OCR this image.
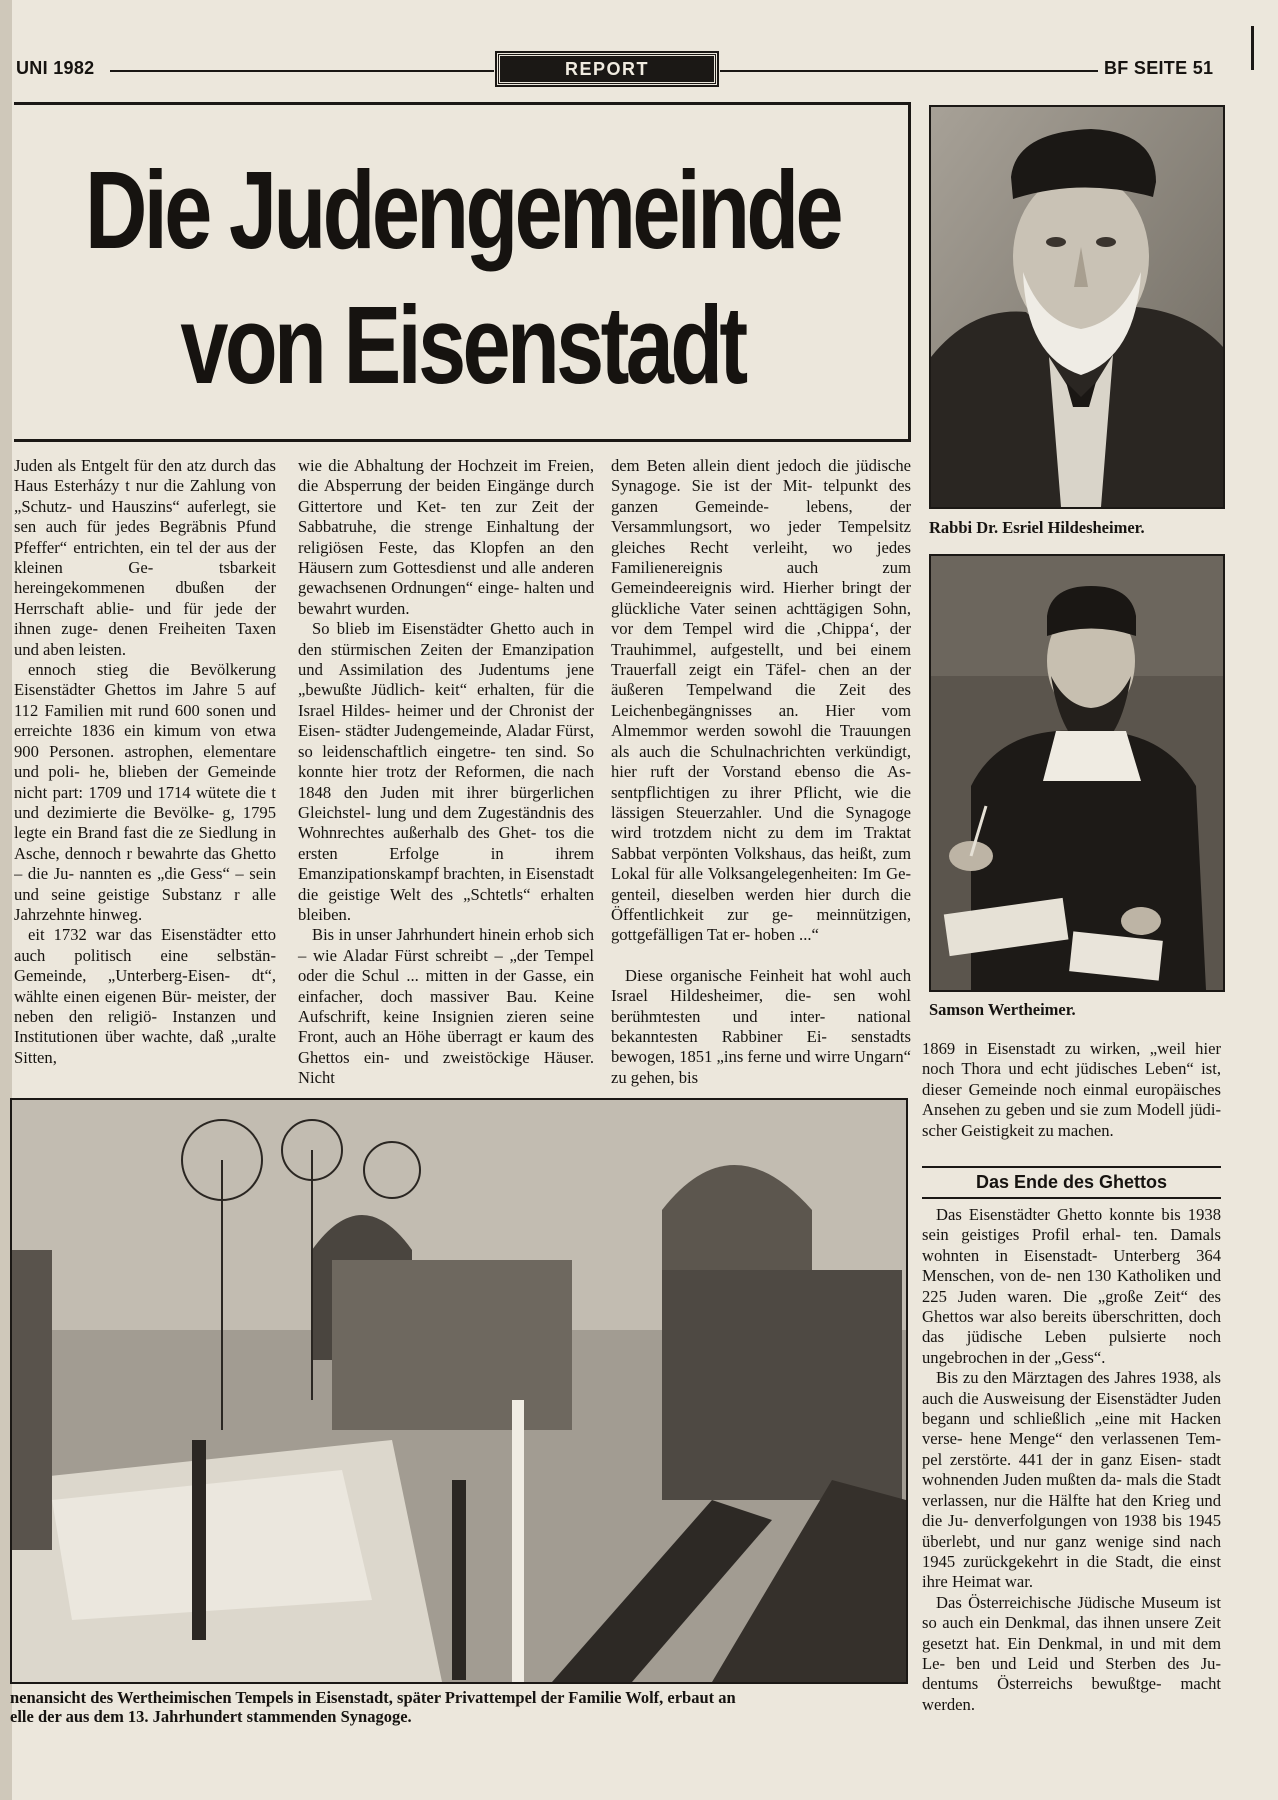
UNI 1982	REPORT	BF SEITE 51
Die Judengemeinde
von Eisenstadt
Rabbi Dr. Esriel Hildesheimer.
Samson Wertheimer.

Juden als Entgelt für den atz durch das Haus Esterházy t nur die Zahlung von „Schutz- und Hauszins“ auferlegt, sie sen auch für jedes Begräbnis Pfund Pfeffer“ entrichten, ein tel der aus der kleinen Ge- tsbarkeit hereingekommenen dbußen der Herrschaft ablie- und für jede der ihnen zuge- denen Freiheiten Taxen und aben leisten.

ennoch stieg die Bevölkerung Eisenstädter Ghettos im Jahre 5 auf 112 Familien mit rund 600 sonen und erreichte 1836 ein kimum von etwa 900 Personen. astrophen, elementare und poli- he, blieben der Gemeinde nicht part: 1709 und 1714 wütete die t und dezimierte die Bevölke- g, 1795 legte ein Brand fast die ze Siedlung in Asche, dennoch r bewahrte das Ghetto – die Ju- nannten es „die Gess“ – sein und seine geistige Substanz r alle Jahrzehnte hinweg.

eit 1732 war das Eisenstädter etto auch politisch eine selbstän- Gemeinde, „Unterberg-Eisen- dt“, wählte einen eigenen Bür- meister, der neben den religiö- Instanzen und Institutionen über wachte, daß „uralte Sitten,

wie die Abhaltung der Hochzeit im Freien, die Absperrung der beiden Eingänge durch Gittertore und Ket- ten zur Zeit der Sabbatruhe, die strenge Einhaltung der religiösen Feste, das Klopfen an den Häusern zum Gottesdienst und alle anderen gewachsenen Ordnungen“ einge- halten und bewahrt wurden.

So blieb im Eisenstädter Ghetto auch in den stürmischen Zeiten der Emanzipation und Assimilation des Judentums jene „bewußte Jüdlich- keit“ erhalten, für die Israel Hildes- heimer und der Chronist der Eisen- städter Judengemeinde, Aladar Fürst, so leidenschaftlich eingetre- ten sind. So konnte hier trotz der Reformen, die nach 1848 den Juden mit ihrer bürgerlichen Gleichstel- lung und dem Zugeständnis des Wohnrechtes außerhalb des Ghet- tos die ersten Erfolge in ihrem Emanzipationskampf brachten, in Eisenstadt die geistige Welt des „Schtetls“ erhalten bleiben.

Bis in unser Jahrhundert hinein erhob sich – wie Aladar Fürst schreibt – „der Tempel oder die Schul ... mitten in der Gasse, ein einfacher, doch massiver Bau. Keine Aufschrift, keine Insignien zieren seine Front, auch an Höhe überragt er kaum des Ghettos ein- und zweistöckige Häuser. Nicht

dem Beten allein dient jedoch die jüdische Synagoge. Sie ist der Mit- telpunkt des ganzen Gemeinde- lebens, der Versammlungsort, wo jeder Tempelsitz gleiches Recht verleiht, wo jedes Familienereignis auch zum Gemeindeereignis wird. Hierher bringt der glückliche Vater seinen achttägigen Sohn, vor dem Tempel wird die ‚Chippa‘, der Trauhimmel, aufgestellt, und bei einem Trauerfall zeigt ein Täfel- chen an der äußeren Tempelwand die Zeit des Leichenbegängnisses an. Hier vom Almemmor werden sowohl die Trauungen als auch die Schulnachrichten verkündigt, hier ruft der Vorstand ebenso die As- sentpflichtigen zu ihrer Pflicht, wie die lässigen Steuerzahler. Und die Synagoge wird trotzdem nicht zu dem im Traktat Sabbat verpönten Volkshaus, das heißt, zum Lokal für alle Volksangelegenheiten: Im Ge- genteil, dieselben werden hier durch die Öffentlichkeit zur ge- meinnützigen, gottgefälligen Tat er- hoben ...“

Diese organische Feinheit hat wohl auch Israel Hildesheimer, die- sen wohl berühmtesten und inter- national bekanntesten Rabbiner Ei- senstadts bewogen, 1851 „ins ferne und wirre Ungarn“ zu gehen, bis

1869 in Eisenstadt zu wirken, „weil hier noch Thora und echt jüdisches Leben“ ist, dieser Gemeinde noch einmal europäisches Ansehen zu geben und sie zum Modell jüdi- scher Geistigkeit zu machen.

Das Ende des Ghettos

Das Eisenstädter Ghetto konnte bis 1938 sein geistiges Profil erhal- ten. Damals wohnten in Eisenstadt- Unterberg 364 Menschen, von de- nen 130 Katholiken und 225 Juden waren. Die „große Zeit“ des Ghettos war also bereits überschritten, doch das jüdische Leben pulsierte noch ungebrochen in der „Gess“.

Bis zu den Märztagen des Jahres 1938, als auch die Ausweisung der Eisenstädter Juden begann und schließlich „eine mit Hacken verse- hene Menge“ den verlassenen Tem- pel zerstörte. 441 der in ganz Eisen- stadt wohnenden Juden mußten da- mals die Stadt verlassen, nur die Hälfte hat den Krieg und die Ju- denverfolgungen von 1938 bis 1945 überlebt, und nur ganz wenige sind nach 1945 zurückgekehrt in die Stadt, die einst ihre Heimat war.

Das Österreichische Jüdische Museum ist so auch ein Denkmal, das ihnen unsere Zeit gesetzt hat. Ein Denkmal, in und mit dem Le- ben und Leid und Sterben des Ju- dentums Österreichs bewußtge- macht werden.

nenansicht des Wertheimischen Tempels in Eisenstadt, später Privattempel der Familie Wolf, erbaut an
elle der aus dem 13. Jahrhundert stammenden Synagoge.
